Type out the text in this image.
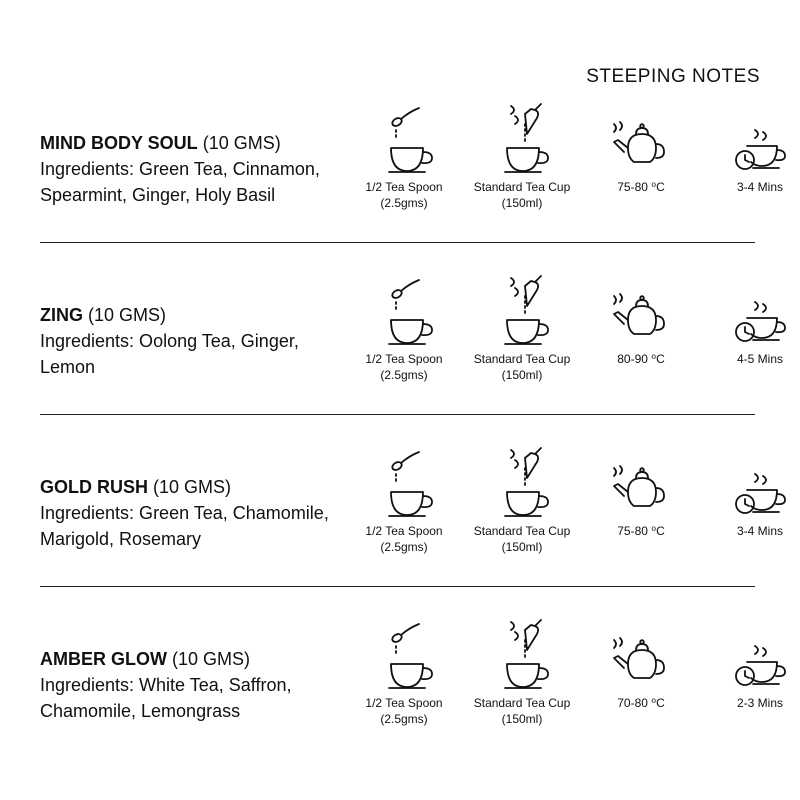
STEEPING NOTES
MIND BODY SOUL (10 GMS)
Ingredients: Green Tea, Cinnamon, Spearmint, Ginger, Holy Basil	1/2 Tea Spoon
(2.5gms)
Standard Tea Cup
(150ml)
75-80 ⁰C	3-4 Mins
ZING (10 GMS)
Ingredients: Oolong Tea, Ginger, Lemon	1/2 Tea Spoon
(2.5gms)
Standard Tea Cup
(150ml)
80-90 ⁰C	4-5 Mins
GOLD RUSH (10 GMS)
Ingredients: Green Tea, Chamomile, Marigold, Rosemary	1/2 Tea Spoon
(2.5gms)
Standard Tea Cup
(150ml)
75-80 ⁰C	3-4 Mins
AMBER GLOW (10 GMS)
Ingredients: White Tea, Saffron, Chamomile, Lemongrass	1/2 Tea Spoon
(2.5gms)
Standard Tea Cup
(150ml)
70-80 ⁰C	2-3 Mins
